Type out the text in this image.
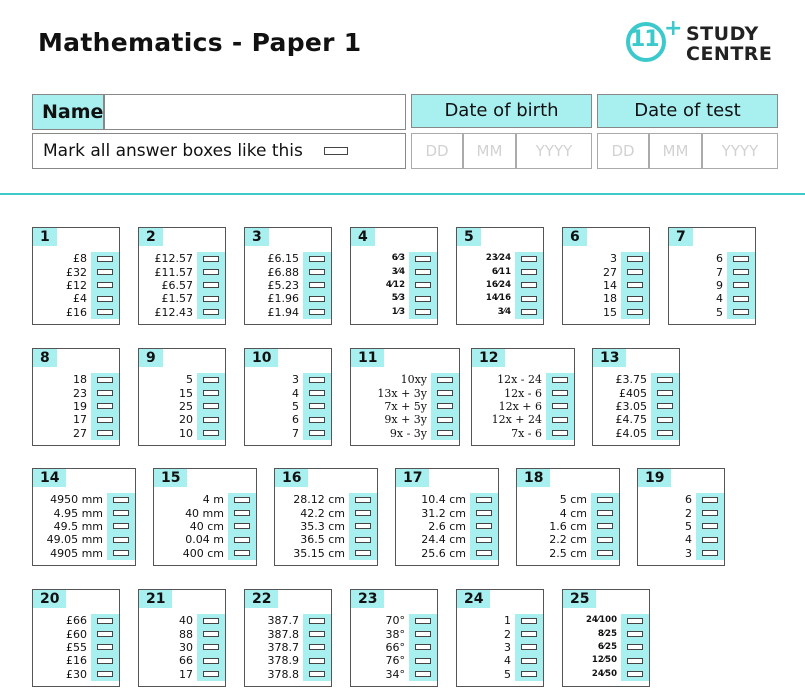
Mathematics - Paper 1	11 + STUDY
CENTRE
Name
Mark all answer boxes like this
Date of birth
DD	MM	YYYY
Date of test
DD	MM	YYYY
1
£8
£32
£12
£4
£16
2
£12.57
£11.57
£6.57
£1.57
£12.43
3
£6.15
£6.88
£5.23
£1.96
£1.94
4
6⁄3
3⁄4
4⁄12
5⁄3
1⁄3
5
23⁄24
6⁄11
16⁄24
14⁄16
3⁄4
6
3
27
14
18
15
7
6
7
9
4
5
8
18
23
19
17
27
9
5
15
25
20
10
10
3
4
5
6
7
11
10xy
13x + 3y
7x + 5y
9x + 3y
9x - 3y
12
12x - 24
12x - 6
12x + 6
12x + 24
7x - 6
13
£3.75
£405
£3.05
£4.75
£4.05
14
4950 mm
4.95 mm
49.5 mm
49.05 mm
4905 mm
15
4 m
40 mm
40 cm
0.04 m
400 cm
16
28.12 cm
42.2 cm
35.3 cm
36.5 cm
35.15 cm
17
10.4 cm
31.2 cm
2.6 cm
24.4 cm
25.6 cm
18
5 cm
4 cm
1.6 cm
2.2 cm
2.5 cm
19
6
2
5
4
3
20
£66
£60
£55
£16
£30
21
40
88
30
66
17
22
387.7
387.8
378.7
378.9
378.8
23
70°
38°
66°
76°
34°
24
1
2
3
4
5
25
24⁄100
8⁄25
6⁄25
12⁄50
24⁄50
